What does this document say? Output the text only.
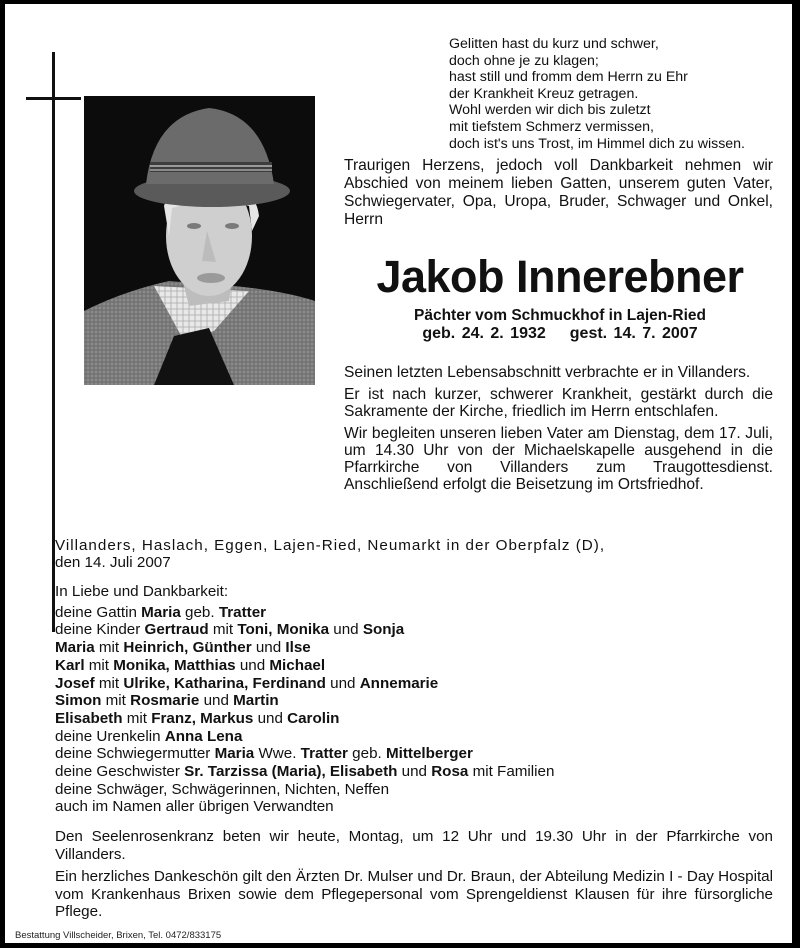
Gelitten hast du kurz und schwer,
doch ohne je zu klagen;
hast still und fromm dem Herrn zu Ehr
der Krankheit Kreuz getragen.
Wohl werden wir dich bis zuletzt
mit tiefstem Schmerz vermissen,
doch ist's uns Trost, im Himmel dich zu wissen.
Traurigen Herzens, jedoch voll Dankbarkeit nehmen wir Abschied von meinem lieben Gatten, unserem guten Vater, Schwiegervater, Opa, Uropa, Bruder, Schwager und Onkel, Herrn
Jakob Innerebner
Pächter vom Schmuckhof in Lajen-Ried
geb. 24. 2. 1932 gest. 14. 7. 2007

Seinen letzten Lebensabschnitt verbrachte er in Villanders.

Er ist nach kurzer, schwerer Krankheit, gestärkt durch die Sakramente der Kirche, friedlich im Herrn entschlafen.

Wir begleiten unseren lieben Vater am Dienstag, dem 17. Juli, um 14.30 Uhr von der Michaelskapelle ausgehend in die Pfarrkirche von Villanders zum Traugottesdienst. Anschließend erfolgt die Beisetzung im Ortsfriedhof.

Villanders, Haslach, Eggen, Lajen-Ried, Neumarkt in der Oberpfalz (D),
den 14. Juli 2007
In Liebe und Dankbarkeit:
deine Gattin Maria geb. Tratter
deine Kinder Gertraud mit Toni, Monika und Sonja
Maria mit Heinrich, Günther und Ilse
Karl mit Monika, Matthias und Michael
Josef mit Ulrike, Katharina, Ferdinand und Annemarie
Simon mit Rosmarie und Martin
Elisabeth mit Franz, Markus und Carolin
deine Urenkelin Anna Lena
deine Schwiegermutter Maria Wwe. Tratter geb. Mittelberger
deine Geschwister Sr. Tarzissa (Maria), Elisabeth und Rosa mit Familien
deine Schwäger, Schwägerinnen, Nichten, Neffen
auch im Namen aller übrigen Verwandten

Den Seelenrosenkranz beten wir heute, Montag, um 12 Uhr und 19.30 Uhr in der Pfarrkirche von Villanders.

Ein herzliches Dankeschön gilt den Ärzten Dr. Mulser und Dr. Braun, der Abteilung Medizin I - Day Hospital vom Krankenhaus Brixen sowie dem Pflegepersonal vom Sprengeldienst Klausen für ihre fürsorgliche Pflege.

Bestattung Villscheider, Brixen, Tel. 0472/833175
